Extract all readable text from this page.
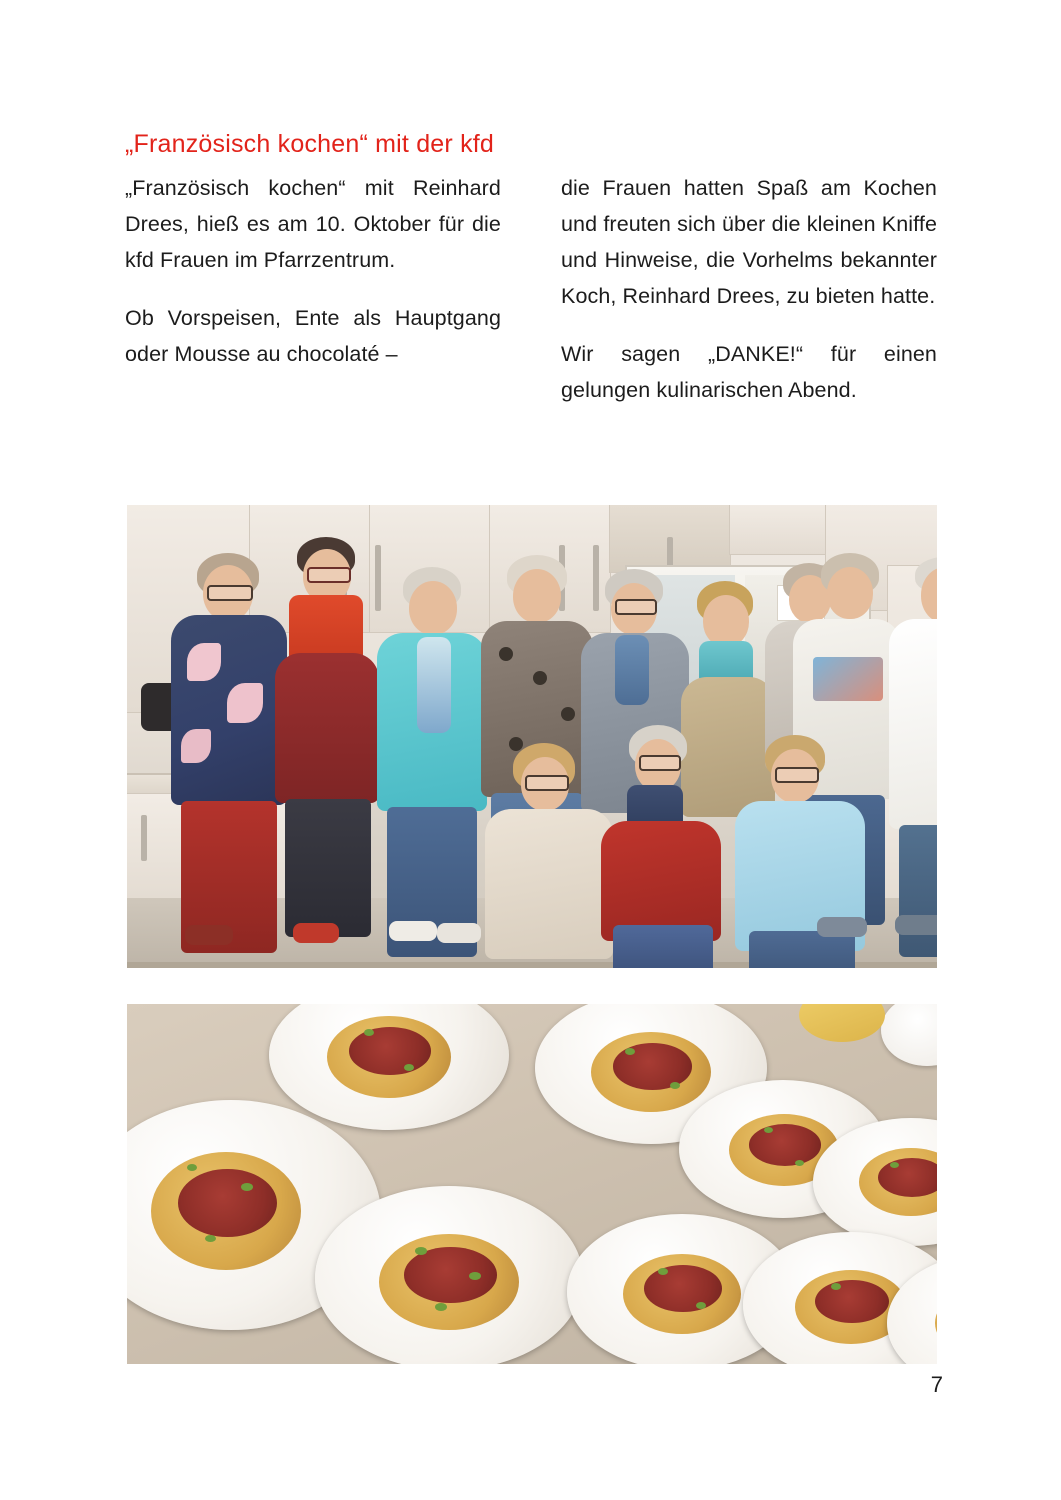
„Französisch kochen“ mit der kfd

„Französisch kochen“ mit Reinhard Drees, hieß es am 10. Oktober für die kfd Frauen im Pfarrzentrum.

Ob Vorspeisen, Ente als Hauptgang oder Mousse au chocolaté –

die Frauen hatten Spaß am Kochen und freuten sich über die kleinen Kniffe und Hinweise, die Vorhelms bekannter Koch, Reinhard Drees, zu bieten hatte.

Wir sagen „DANKE!“ für einen gelungen kulinarischen Abend.

7
